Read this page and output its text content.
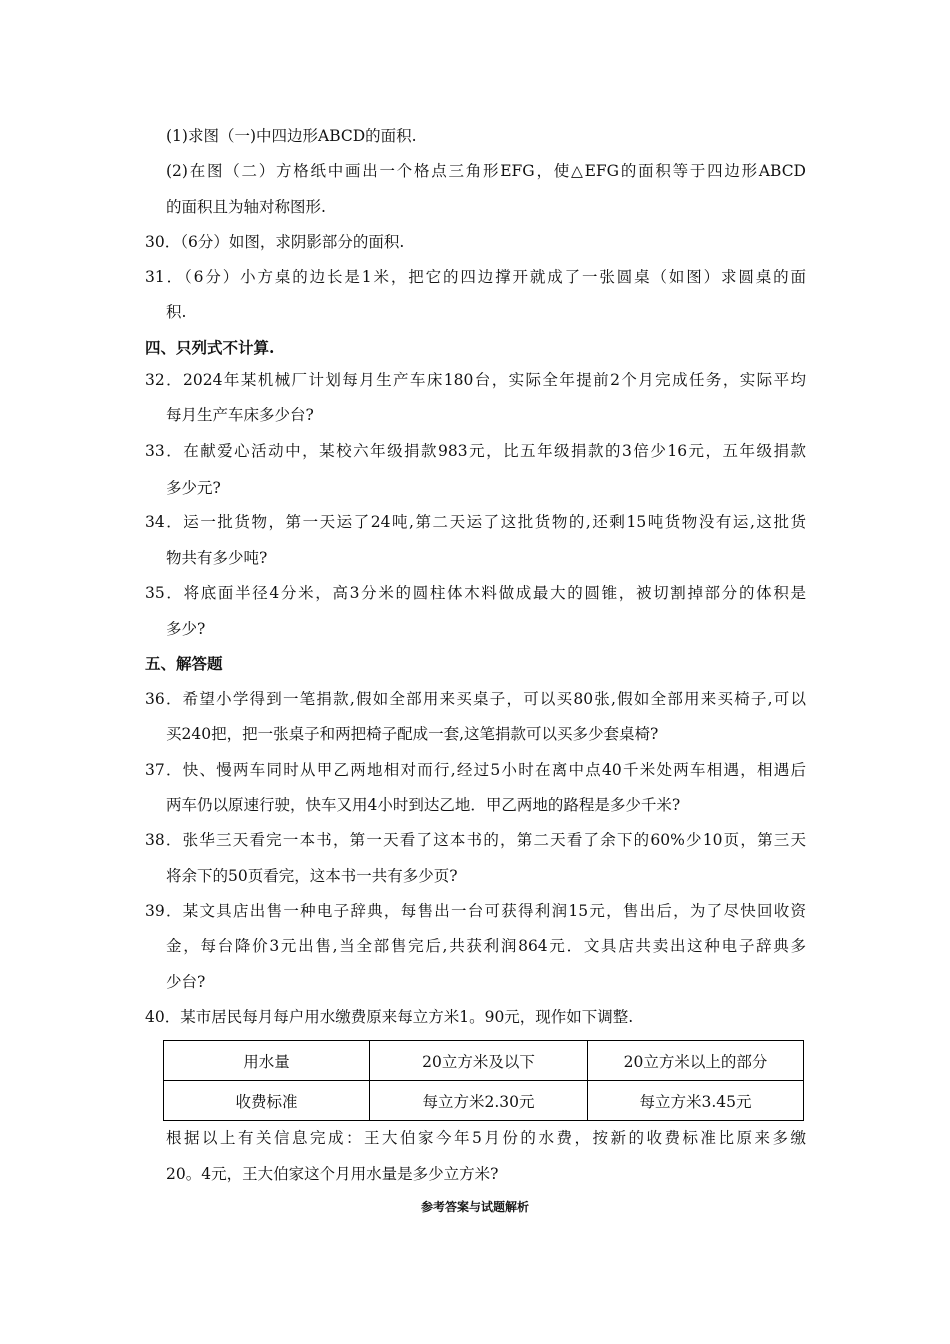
(1)求图（一)中四边形ABCD的面积.
(2)在图（二）方格纸中画出一个格点三角形EFG，使△EFG的面积等于四边形ABCD
的面积且为轴对称图形.
30．（6分）如图，求阴影部分的面积.
31．（6分）小方桌的边长是1米，把它的四边撑开就成了一张圆桌（如图）求圆桌的面
积.
四、只列式不计算.
32．2024年某机械厂计划每月生产车床180台，实际全年提前2个月完成任务，实际平均
每月生产车床多少台?
33．在献爱心活动中，某校六年级捐款983元，比五年级捐款的3倍少16元，五年级捐款
多少元?
34．运一批货物，第一天运了24吨,第二天运了这批货物的,还剩15吨货物没有运,这批货
物共有多少吨?
35．将底面半径4分米，高3分米的圆柱体木料做成最大的圆锥，被切割掉部分的体积是
多少?
五、解答题
36．希望小学得到一笔捐款,假如全部用来买桌子，可以买80张,假如全部用来买椅子,可以
买240把，把一张桌子和两把椅子配成一套,这笔捐款可以买多少套桌椅?
37．快、慢两车同时从甲乙两地相对而行,经过5小时在离中点40千米处两车相遇，相遇后
两车仍以原速行驶，快车又用4小时到达乙地．甲乙两地的路程是多少千米?
38．张华三天看完一本书，第一天看了这本书的，第二天看了余下的60%少10页，第三天
将余下的50页看完，这本书一共有多少页?
39．某文具店出售一种电子辞典，每售出一台可获得利润15元，售出后，为了尽快回收资
金，每台降价3元出售,当全部售完后,共获利润864元．文具店共卖出这种电子辞典多
少台?
40．某市居民每月每户用水缴费原来每立方米1。90元，现作如下调整.
用水量	20立方米及以下	20立方米以上的部分
收费标准	每立方米2.30元	每立方米3.45元
根据以上有关信息完成：王大伯家今年5月份的水费，按新的收费标准比原来多缴
20。4元，王大伯家这个月用水量是多少立方米?
参考答案与试题解析
